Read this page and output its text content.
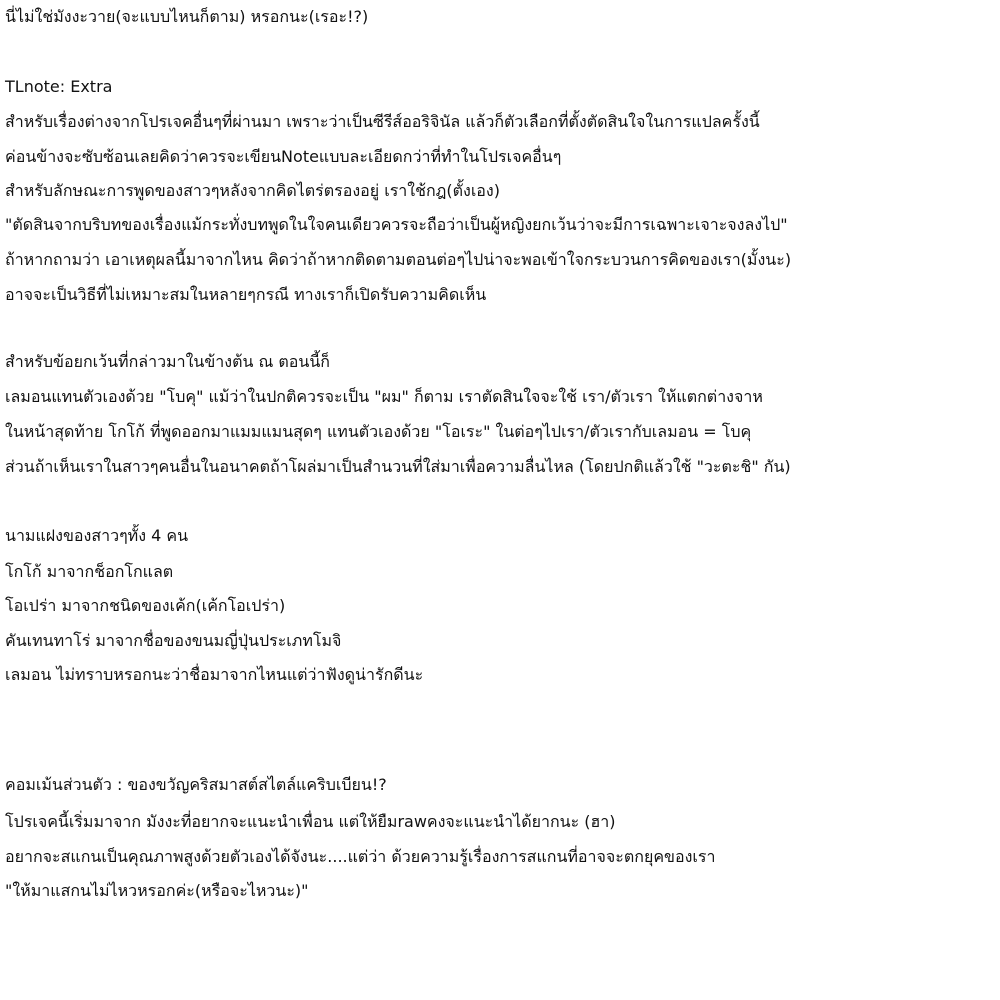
นี่ไม่ใช่มังงะวาย(จะแบบไหนก็ตาม) หรอกนะ(เรอะ!?)
TLnote: Extra
สำหรับเรื่องต่างจากโปรเจคอื่นๆที่ผ่านมา เพราะว่าเป็นซีรีส์ออริจินัล แล้วก็ตัวเลือกที่ตั้งตัดสินใจในการแปลครั้งนี้
ค่อนข้างจะซับซ้อนเลยคิดว่าควรจะเขียนNoteแบบละเอียดกว่าที่ทำในโปรเจคอื่นๆ
สำหรับลักษณะการพูดของสาวๆหลังจากคิดไตร่ตรองอยู่ เราใช้กฎ(ตั้งเอง)
"ตัดสินจากบริบทของเรื่องแม้กระทั่งบทพูดในใจคนเดียวควรจะถือว่าเป็นผู้หญิงยกเว้นว่าจะมีการเฉพาะเจาะจงลงไป"
ถ้าหากถามว่า เอาเหตุผลนี้มาจากไหน คิดว่าถ้าหากติดตามตอนต่อๆไปน่าจะพอเข้าใจกระบวนการคิดของเรา(มั้งนะ)
อาจจะเป็นวิธีที่ไม่เหมาะสมในหลายๆกรณี ทางเราก็เปิดรับความคิดเห็น
สำหรับข้อยกเว้นที่กล่าวมาในข้างต้น ณ ตอนนี้ก็
เลมอนแทนตัวเองด้วย "โบคุ" แม้ว่าในปกติควรจะเป็น "ผม" ก็ตาม เราตัดสินใจจะใช้ เรา/ตัวเรา ให้แตกต่างจาห
ในหน้าสุดท้าย โกโก้ ที่พูดออกมาแมมแมนสุดๆ แทนตัวเองด้วย "โอเระ" ในต่อๆไปเรา/ตัวเรากับเลมอน = โบคุ
ส่วนถ้าเห็นเราในสาวๆคนอื่นในอนาคตถ้าโผล่มาเป็นสำนวนที่ใส่มาเพื่อความลื่นไหล (โดยปกติแล้วใช้ "วะตะชิ" กัน)
นามแฝงของสาวๆทั้ง 4 คน
โกโก้ มาจากช็อกโกแลต
โอเปร่า มาจากชนิดของเค้ก(เค้กโอเปร่า)
คันเทนทาโร่ มาจากชื่อของขนมญี่ปุ่นประเภทโมจิ
เลมอน ไม่ทราบหรอกนะว่าชื่อมาจากไหนแต่ว่าฟังดูน่ารักดีนะ
คอมเม้นส่วนตัว : ของขวัญคริสมาสต์สไตล์แคริบเบียน!?
โปรเจคนี้เริ่มมาจาก มังงะที่อยากจะแนะนำเพื่อน แต่ให้ยืมrawคงจะแนะนำได้ยากนะ (ฮา)
อยากจะสแกนเป็นคุณภาพสูงด้วยตัวเองได้จังนะ....แต่ว่า ด้วยความรู้เรื่องการสแกนที่อาจจะตกยุคของเรา
"ให้มาแสกนไม่ไหวหรอกค่ะ(หรือจะไหวนะ)"
